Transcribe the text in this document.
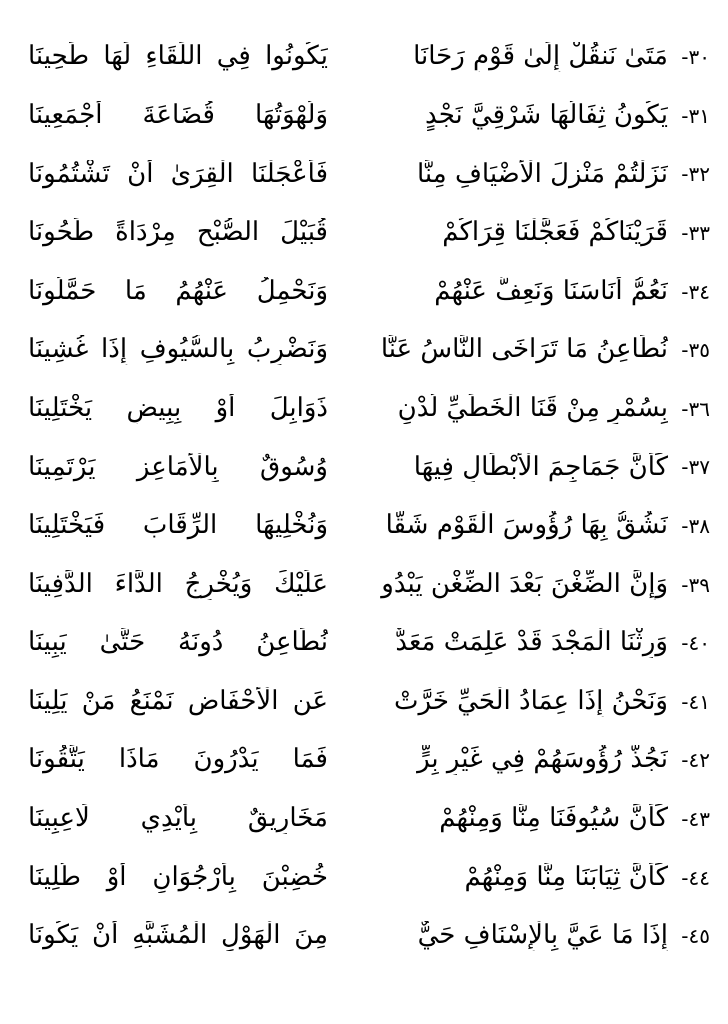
٣٠-
مَتَىٰ نَنقُلْ إِلَىٰ قَوْمٍ رَحَانَا
يَكُونُوا فِي اللِّقَاءِ لَهَا طَحِينَا
٣١-
يَكُونُ ثِفَالُهَا شَرْقِيَّ نَجْدٍ
وَلُهْوَتُهَا قُضَاعَةَ أَجْمَعِينَا
٣٢-
نَزَلْتُمْ مَنْزِلَ الْأَضْيَافِ مِنَّا
فَأَعْجَلْنَا الْقِرَىٰ أَنْ تَشْتُمُونَا
٣٣-
قَرَيْنَاكُمْ فَعَجَّلْنَا قِرَاكُمْ
قُبَيْلَ الصُّبْحِ مِرْدَاةً طَحُونَا
٣٤-
نَعُمُّ أُنَاسَنَا وَنَعِفُّ عَنْهُمْ
وَنَحْمِلُ عَنْهُمُ مَا حَمَّلُونَا
٣٥-
نُطَاعِنُ مَا تَرَاخَى النَّاسُ عَنَّا
وَنَضْرِبُ بِالسُّيُوفِ إِذَا غُشِينَا
٣٦-
بِسُمْرٍ مِنْ قَنَا الْخَطِّيِّ لُدْنٍ
ذَوَابِلَ أَوْ بِبِيضٍ يَخْتَلِينَا
٣٧-
كَأَنَّ جَمَاجِمَ الْأَبْطَالِ فِيهَا
وُسُوقٌ بِالْأَمَاعِزِ يَرْتَمِينَا
٣٨-
نَشُقُّ بِهَا رُؤُوسَ الْقَوْمِ شَقًّا
وَنُخْلِيهَا الرِّقَابَ فَيَخْتَلِينَا
٣٩-
وَإِنَّ الضِّغْنَ بَعْدَ الضِّغْنِ يَبْدُو
عَلَيْكَ وَيُخْرِجُ الدَّاءَ الدَّفِينَا
٤٠-
وَرِثْنَا الْمَجْدَ قَدْ عَلِمَتْ مَعَدٌّ
نُطَاعِنُ دُونَهُ حَتَّىٰ يَبِينَا
٤١-
وَنَحْنُ إِذَا عِمَادُ الْحَيِّ خَرَّتْ
عَنِ الْأَحْفَاضِ نَمْنَعُ مَنْ يَلِينَا
٤٢-
نَجُذُّ رُؤُوسَهُمْ فِي غَيْرِ بِرٍّ
فَمَا يَدْرُونَ مَاذَا يَتَّقُونَا
٤٣-
كَأَنَّ سُيُوفَنَا مِنَّا وَمِنْهُمْ
مَخَارِيقٌ بِأَيْدِي لَاعِبِينَا
٤٤-
كَأَنَّ ثِيَابَنَا مِنَّا وَمِنْهُمْ
خُضِبْنَ بِأُرْجُوَانٍ أَوْ طُلِينَا
٤٥-
إِذَا مَا عَيَّ بِالْإِسْنَافِ حَيٌّ
مِنَ الْهَوْلِ الْمُشَبَّهِ أَنْ يَكُونَا
